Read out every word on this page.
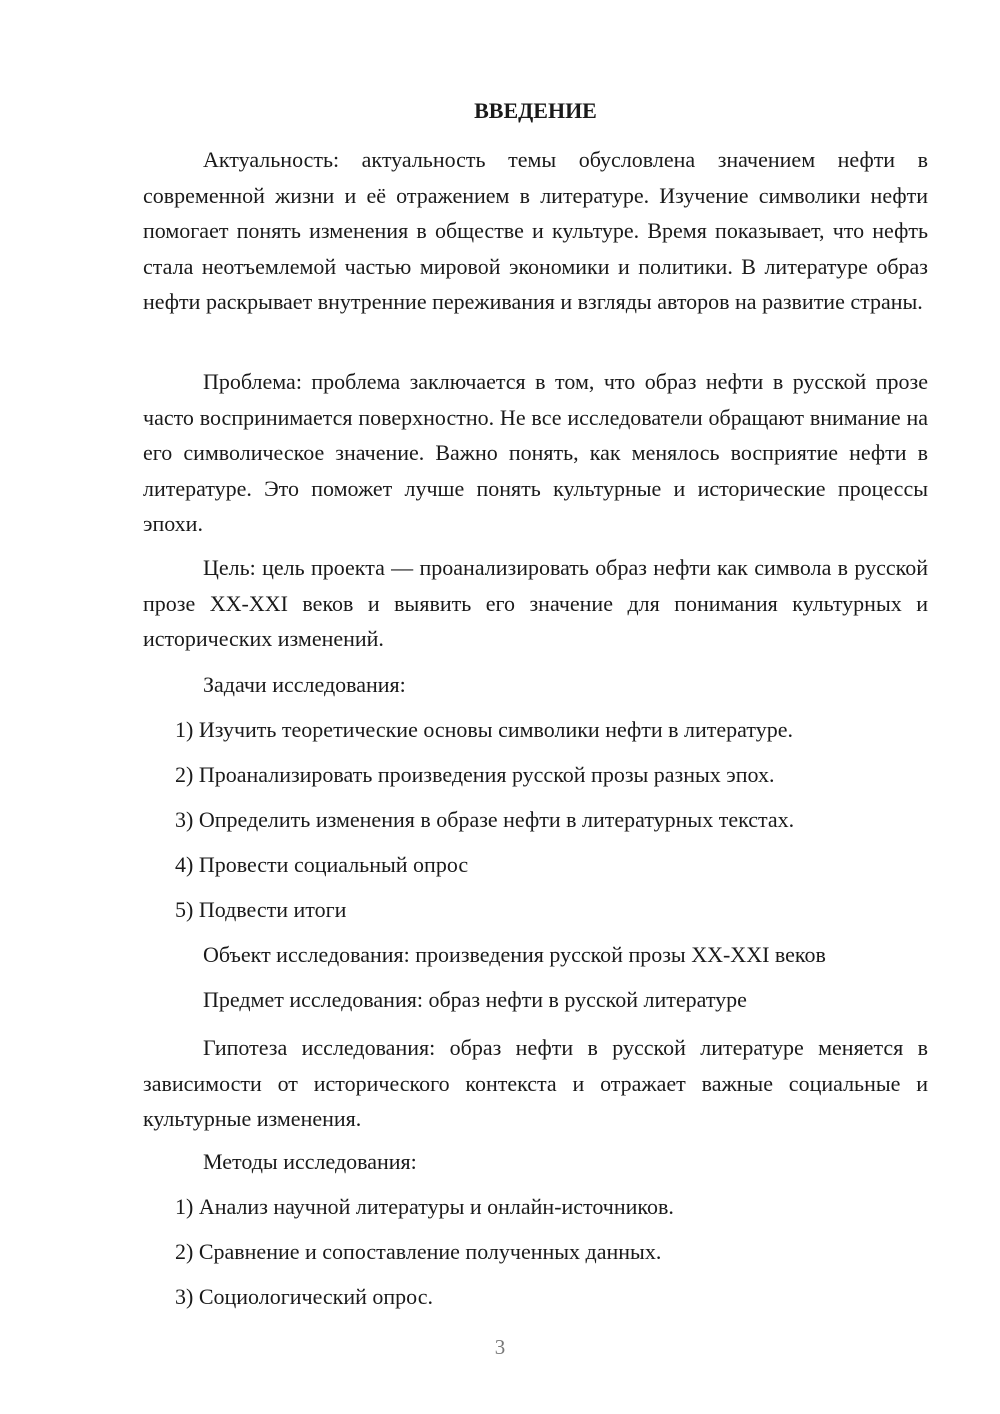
ВВЕДЕНИЕ
Актуальность: актуальность темы обусловлена значением нефти в современной жизни и её отражением в литературе. Изучение символики нефти помогает понять изменения в обществе и культуре. Время показывает, что нефть стала неотъемлемой частью мировой экономики и политики. В литературе образ нефти раскрывает внутренние переживания и взгляды авторов на развитие страны.
Проблема: проблема заключается в том, что образ нефти в русской прозе часто воспринимается поверхностно. Не все исследователи обращают внимание на его символическое значение. Важно понять, как менялось восприятие нефти в литературе. Это поможет лучше понять культурные и исторические процессы эпохи.
Цель: цель проекта — проанализировать образ нефти как символа в русской прозе XX-XXI веков и выявить его значение для понимания культурных и исторических изменений.
Задачи исследования:
1) Изучить теоретические основы символики нефти в литературе.
2) Проанализировать произведения русской прозы разных эпох.
3) Определить изменения в образе нефти в литературных текстах.
4) Провести социальный опрос
5) Подвести итоги
Объект исследования: произведения русской прозы XX-XXI веков
Предмет исследования: образ нефти в русской литературе
Гипотеза исследования: образ нефти в русской литературе меняется в зависимости от исторического контекста и отражает важные социальные и культурные изменения.
Методы исследования:
1) Анализ научной литературы и онлайн-источников.
2) Сравнение и сопоставление полученных данных.
3) Социологический опрос.
3
